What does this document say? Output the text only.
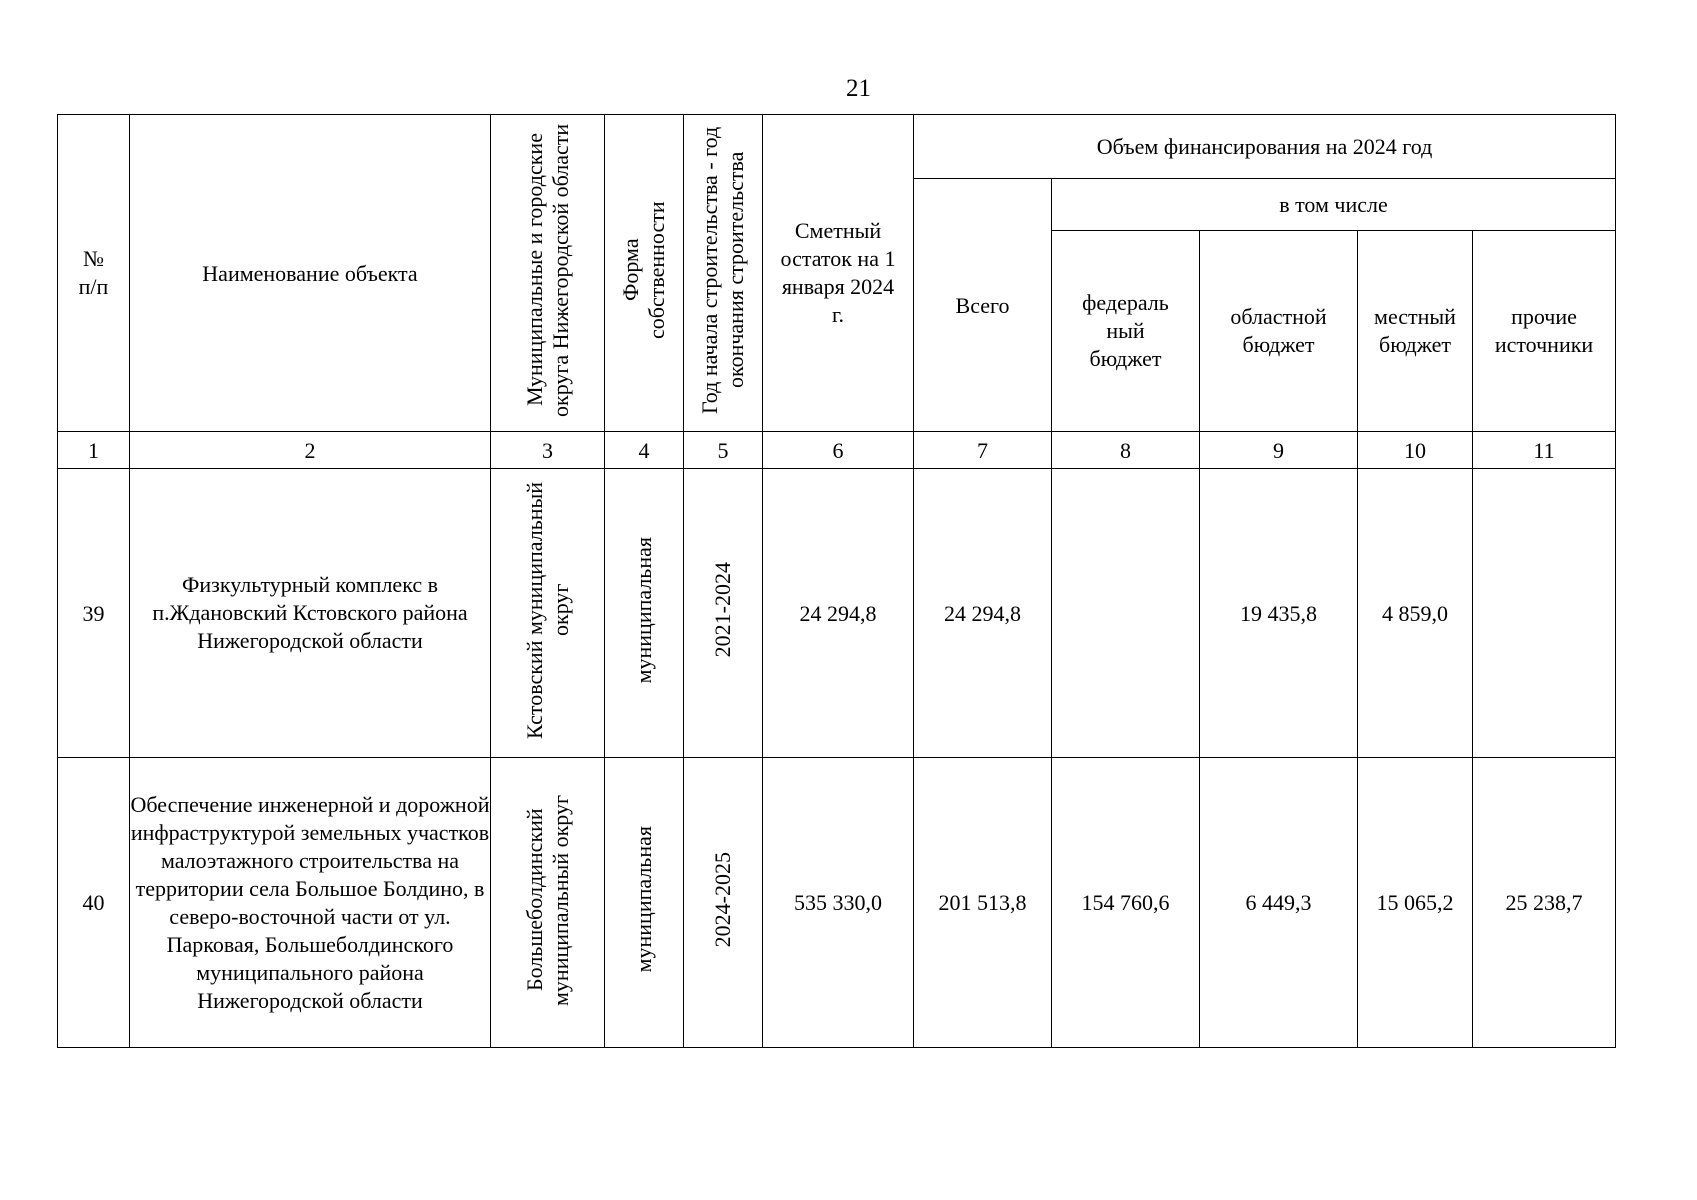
21
№ п/п	Наименование объекта	Муниципальные и городские округа Нижегородской области	Форма собственности	Год начала строительства - год окончания строительства	Сметный остаток на 1 января 2024 г.	Объем финансирования на 2024 год				
						Всего	в том числе			
							федераль ный бюджет	областной бюджет	местный бюджет	прочие источники
1	2	3	4	5	6	7	8	9	10	11
39	Физкультурный комплекс в п.Ждановский Кстовского района Нижегородской области	Кстовский муниципальный округ	муниципальная	2021-2024	24 294,8	24 294,8		19 435,8	4 859,0	
40	Обеспечение инженерной и дорожной инфраструктурой земельных участков малоэтажного строительства на территории села Большое Болдино, в северо-восточной части от ул. Парковая, Большеболдинского муниципального района Нижегородской области	Большеболдинский муниципальный округ	муниципальная	2024-2025	535 330,0	201 513,8	154 760,6	6 449,3	15 065,2	25 238,7
